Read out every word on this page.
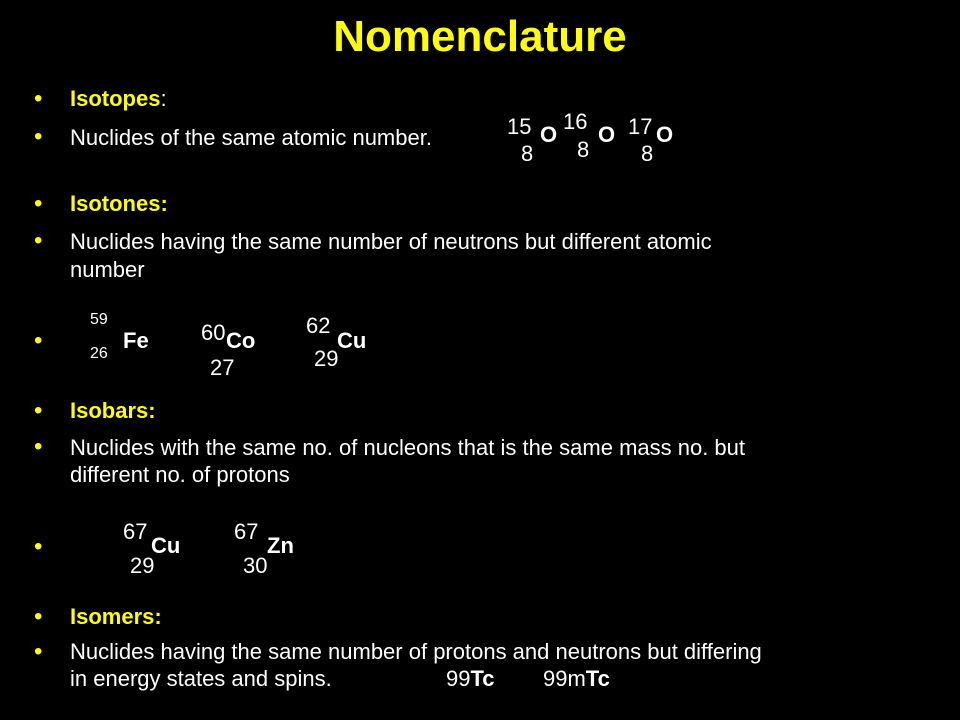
Nomenclature
• Isotopes:
• Nuclides of the same atomic number.	15 O
8
16
O
8
17 O
8
• Isotones:
• Nuclides having the same number of neutrons but different atomic
number
•
59
Fe
26
60 Co
27
62
Cu
29
• Isobars:
• Nuclides with the same no. of nucleons that is the same mass no. but
different no. of protons
•
67
Cu
29
67
Zn
30
• Isomers:
• Nuclides having the same number of protons and neutrons but differing
in energy states and spins.	99Tc 99mTc
